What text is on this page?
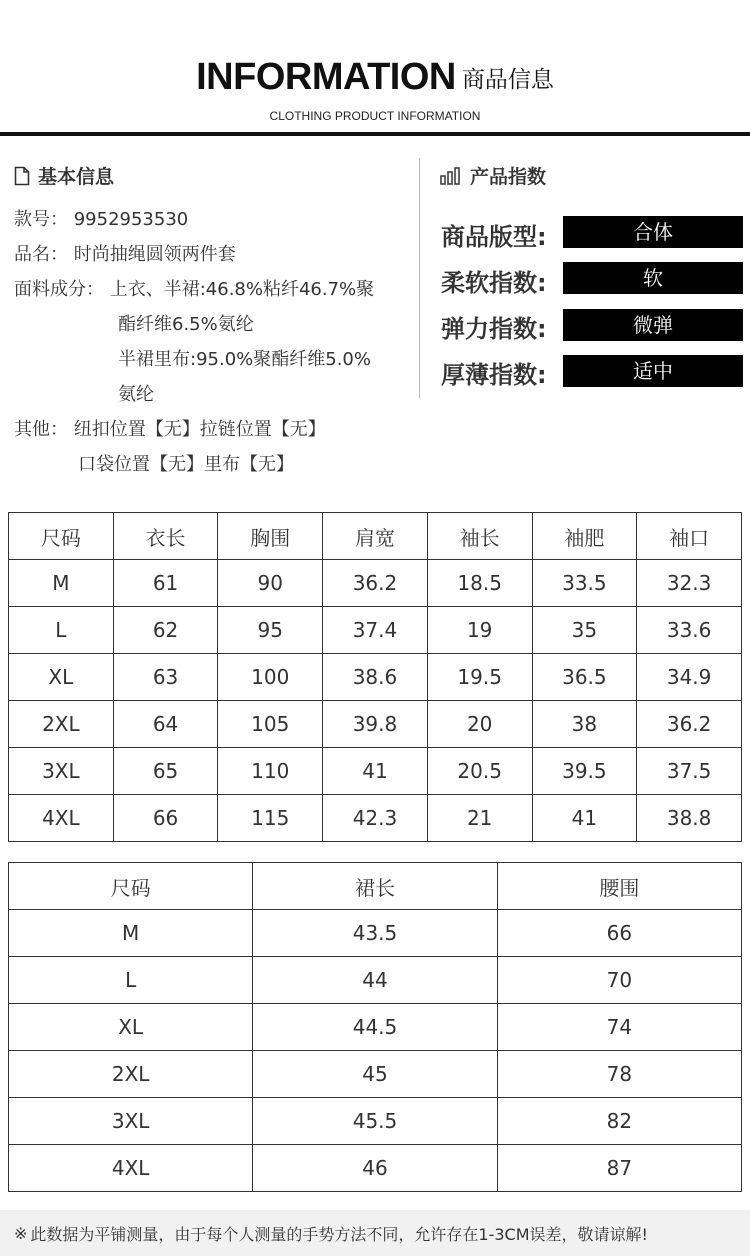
INFORMATION 商品信息
CLOTHING PRODUCT INFORMATION
基本信息
款号： 9952953530
品名： 时尚抽绳圆领两件套
面料成分： 上衣、半裙:46.8%粘纤46.7%聚
酯纤维6.5%氨纶
半裙里布:95.0%聚酯纤维5.0%
氨纶
其他： 纽扣位置【无】拉链位置【无】
口袋位置【无】里布【无】
产品指数
商品版型:	合体
柔软指数:	软
弹力指数:	微弹
厚薄指数:	适中
尺码	衣长	胸围	肩宽	袖长	袖肥	袖口
M	61	90	36.2	18.5	33.5	32.3
L	62	95	37.4	19	35	33.6
XL	63	100	38.6	19.5	36.5	34.9
2XL	64	105	39.8	20	38	36.2
3XL	65	110	41	20.5	39.5	37.5
4XL	66	115	42.3	21	41	38.8
尺码	裙长	腰围
M	43.5	66
L	44	70
XL	44.5	74
2XL	45	78
3XL	45.5	82
4XL	46	87
※ 此数据为平铺测量，由于每个人测量的手势方法不同，允许存在1-3CM误差，敬请谅解!
